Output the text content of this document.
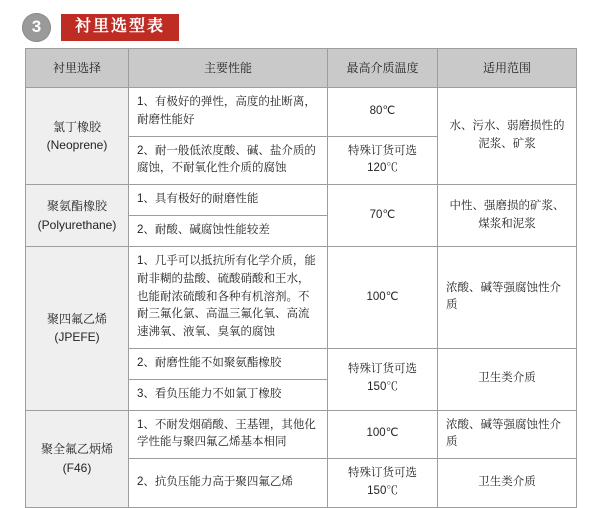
3	衬里选型表
衬里选择	主要性能	最高介质温度	适用范围
氯丁橡胶
(Neoprene)	1、有极好的弹性，高度的扯断离，耐磨性能好	80℃	水、污水、弱磨损性的泥浆、矿浆
	2、耐一般低浓度酸、碱、盐介质的腐蚀，不耐氧化性介质的腐蚀	特殊订货可选120℃	
聚氨酯橡胶
(Polyurethane)	1、具有极好的耐磨性能	70℃	中性、强磨损的矿浆、煤浆和泥浆
	2、耐酸、碱腐蚀性能较差		
聚四氟乙烯
(JPEFE)	1、几乎可以抵抗所有化学介质，能耐非糊的盐酸、硫酸硝酸和王水，也能耐浓硫酸和各种有机溶剂。不耐三氟化氯、高温三氟化氧、高流速沸氧、液氧、臭氧的腐蚀	100℃	浓酸、碱等强腐蚀性介质
	2、耐磨性能不如聚氨酯橡胶	特殊订货可选150℃	卫生类介质
	3、看负压能力不如氯丁橡胶		
聚全氟乙炳烯
(F46)	1、不耐发烟硝酸、王基锂，其他化学性能与聚四氟乙烯基本相同	100℃	浓酸、碱等强腐蚀性介质
	2、抗负压能力高于聚四氟乙烯	特殊订货可选150℃	卫生类介质
